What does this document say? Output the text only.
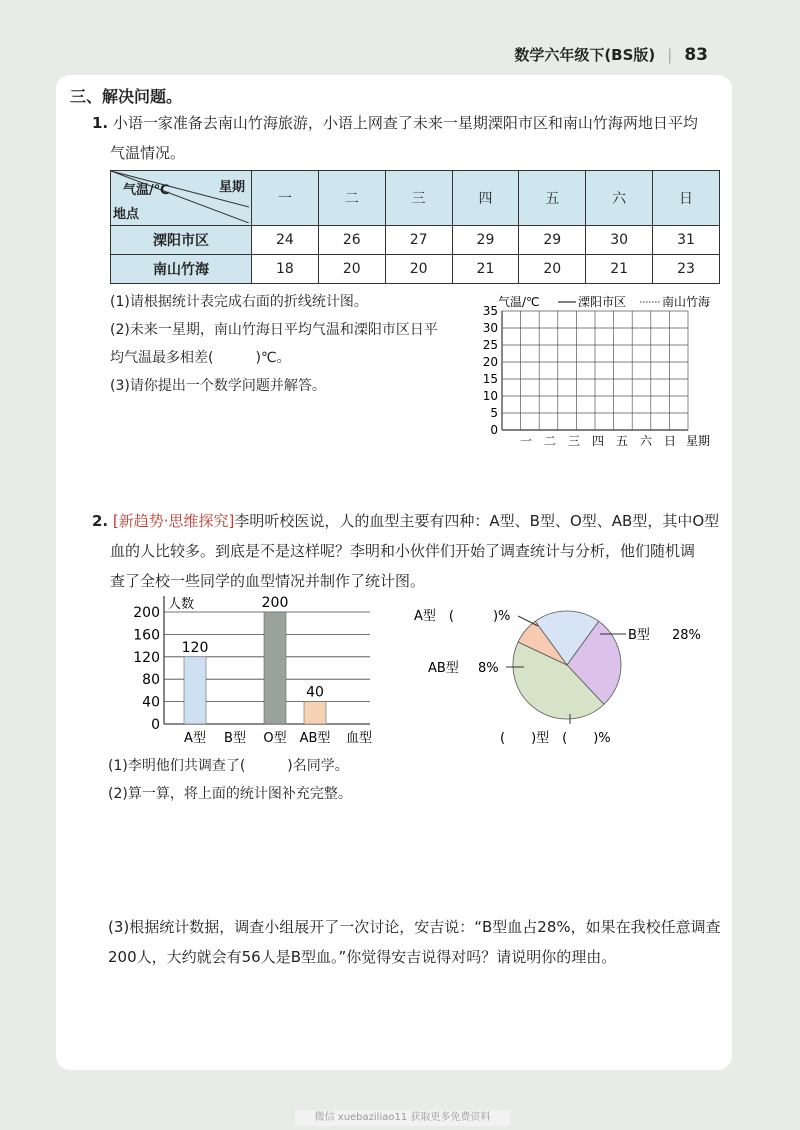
数学六年级下(BS版) | 83
三、解决问题。
1. 小语一家准备去南山竹海旅游，小语上网查了未来一星期溧阳市区和南山竹海两地日平均
气温情况。
气温/℃ 星期
地点	一	二	三	四	五	六	日
溧阳市区	24	26	27	29	29	30	31
南山竹海	18	20	20	21	20	21	23
(1)请根据统计表完成右面的折线统计图。
(2)未来一星期，南山竹海日平均气温和溧阳市区日平
均气温最多相差(　　　)℃。
(3)请你提出一个数学问题并解答。
气温/℃	溧阳市区	南山竹海
0
5
10
15
20
25
30
35
一 二 三 四 五 六 日 星期
2. [新趋势·思维探究]李明听校医说，人的血型主要有四种：A型、B型、O型、AB型，其中O型
血的人比较多。到底是不是这样呢？李明和小伙伴们开始了调查统计与分析，他们随机调
查了全校一些同学的血型情况并制作了统计图。
人数
血型
0
40
80
120
160
200
120
A型 B型
200
O型
40
AB型
A型　(　　　)%
B型 28%
AB型 8%
(　　)型　(　　)%
(1)李明他们共调查了(　　　)名同学。
(2)算一算，将上面的统计图补充完整。
(3)根据统计数据，调查小组展开了一次讨论，安吉说：“B型血占28%，如果在我校任意调查
200人，大约就会有56人是B型血。”你觉得安吉说得对吗？请说明你的理由。
微信 xuebaziliao11 获取更多免费资料
